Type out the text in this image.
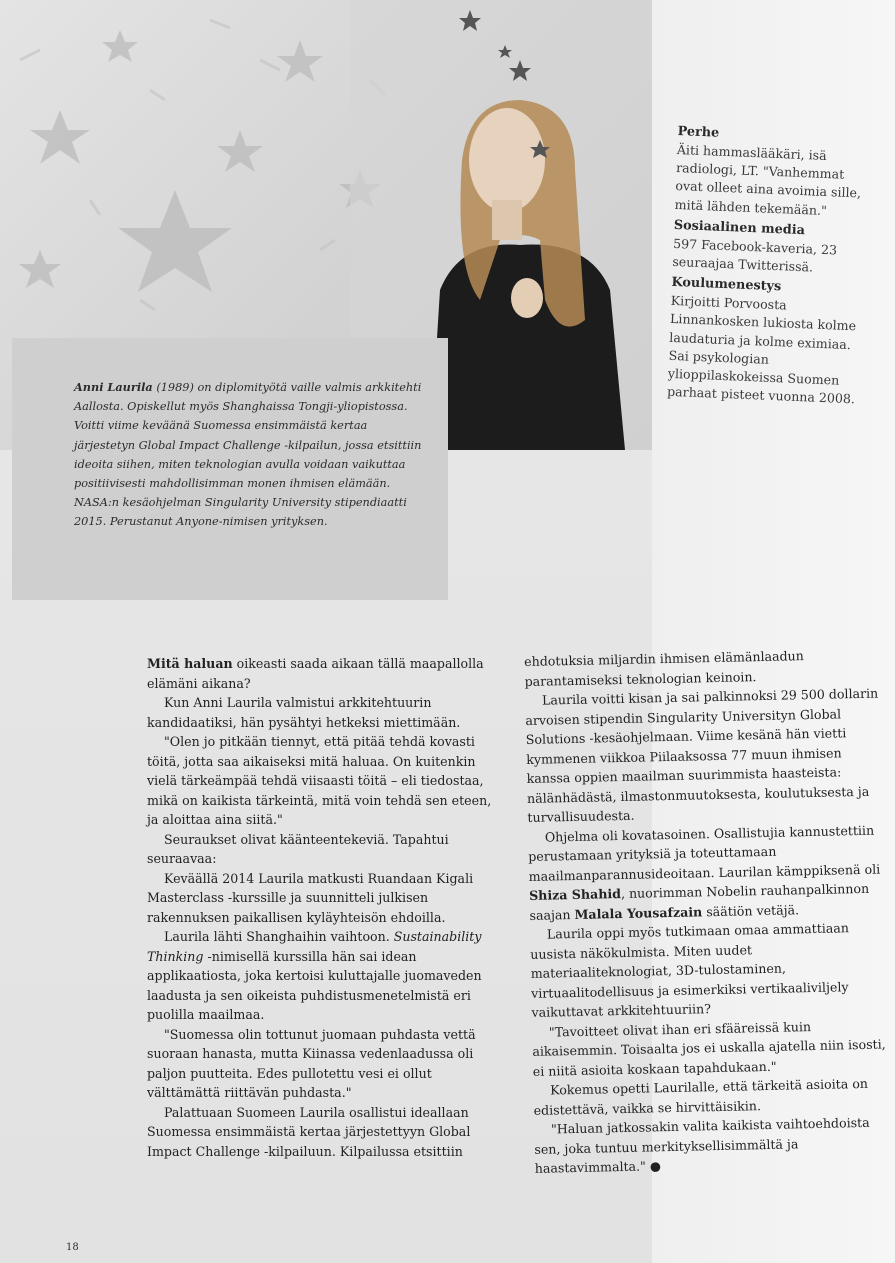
Anni Laurila (1989) on diplomityötä vaille valmis arkkitehti Aallosta. Opiskellut myös Shanghaissa Tongji-yliopistossa. Voitti viime keväänä Suomessa ensimmäistä kertaa järjestetyn Global Impact Challenge -kilpailun, jossa etsittiin ideoita siihen, miten teknologian avulla voidaan vaikuttaa positiivisesti mahdollisimman monen ihmisen elämään. NASA:n kesäohjelman Singularity University stipendiaatti 2015. Perustanut Anyone-nimisen yrityksen.
Perhe

Äiti hammaslääkäri, isä radiologi, LT. "Vanhemmat ovat olleet aina avoimia sille, mitä lähden tekemään."

Sosiaalinen media

597 Facebook-kaveria, 23 seuraajaa Twitterissä.

Koulumenestys

Kirjoitti Porvoosta Linnankosken lukiosta kolme laudaturia ja kolme eximiaa. Sai psykologian ylioppilaskokeissa Suomen parhaat pisteet vuonna 2008.

Mitä haluan oikeasti saada aikaan tällä maapallolla elämäni aikana?

Kun Anni Laurila valmistui arkkitehtuurin kandidaatiksi, hän pysähtyi hetkeksi miettimään.

"Olen jo pitkään tiennyt, että pitää tehdä kovasti töitä, jotta saa aikaiseksi mitä haluaa. On kuitenkin vielä tärkeämpää tehdä viisaasti töitä – eli tiedostaa, mikä on kaikista tärkeintä, mitä voin tehdä sen eteen, ja aloittaa aina siitä."

Seuraukset olivat käänteentekeviä. Tapahtui seuraavaa:

Keväällä 2014 Laurila matkusti Ruandaan Kigali Masterclass -kurssille ja suunnitteli julkisen rakennuksen paikallisen kyläyhteisön ehdoilla.

Laurila lähti Shanghaihin vaihtoon. Sustainability Thinking -nimisellä kurssilla hän sai idean applikaatiosta, joka kertoisi kuluttajalle juomaveden laadusta ja sen oikeista puhdistusmenetelmistä eri puolilla maailmaa.

"Suomessa olin tottunut juomaan puhdasta vettä suoraan hanasta, mutta Kiinassa vedenlaadussa oli paljon puutteita. Edes pullotettu vesi ei ollut välttämättä riittävän puhdasta."

Palattuaan Suomeen Laurila osallistui ideallaan Suomessa ensimmäistä kertaa järjestettyyn Global Impact Challenge -kilpailuun. Kilpailussa etsittiin

ehdotuksia miljardin ihmisen elämänlaadun parantamiseksi teknologian keinoin.

Laurila voitti kisan ja sai palkinnoksi 29 500 dollarin arvoisen stipendin Singularity Universityn Global Solutions -kesäohjelmaan. Viime kesänä hän vietti kymmenen viikkoa Piilaaksossa 77 muun ihmisen kanssa oppien maailman suurimmista haasteista: nälänhädästä, ilmastonmuutoksesta, koulutuksesta ja turvallisuudesta.

Ohjelma oli kovatasoinen. Osallistujia kannustettiin perustamaan yrityksiä ja toteuttamaan maailmanparannusideoitaan. Laurilan kämppiksenä oli Shiza Shahid, nuorimman Nobelin rauhanpalkinnon saajan Malala Yousafzain säätiön vetäjä.

Laurila oppi myös tutkimaan omaa ammattiaan uusista näkökulmista. Miten uudet materiaaliteknologiat, 3D-tulostaminen, virtuaalitodellisuus ja esimerkiksi vertikaaliviljely vaikuttavat arkkitehtuuriin?

"Tavoitteet olivat ihan eri sfääreissä kuin aikaisemmin. Toisaalta jos ei uskalla ajatella niin isosti, ei niitä asioita koskaan tapahdukaan."

Kokemus opetti Laurilalle, että tärkeitä asioita on edistettävä, vaikka se hirvittäisikin.

"Haluan jatkossakin valita kaikista vaihtoehdoista sen, joka tuntuu merkityksellisimmältä ja haastavimmalta." ●

18
